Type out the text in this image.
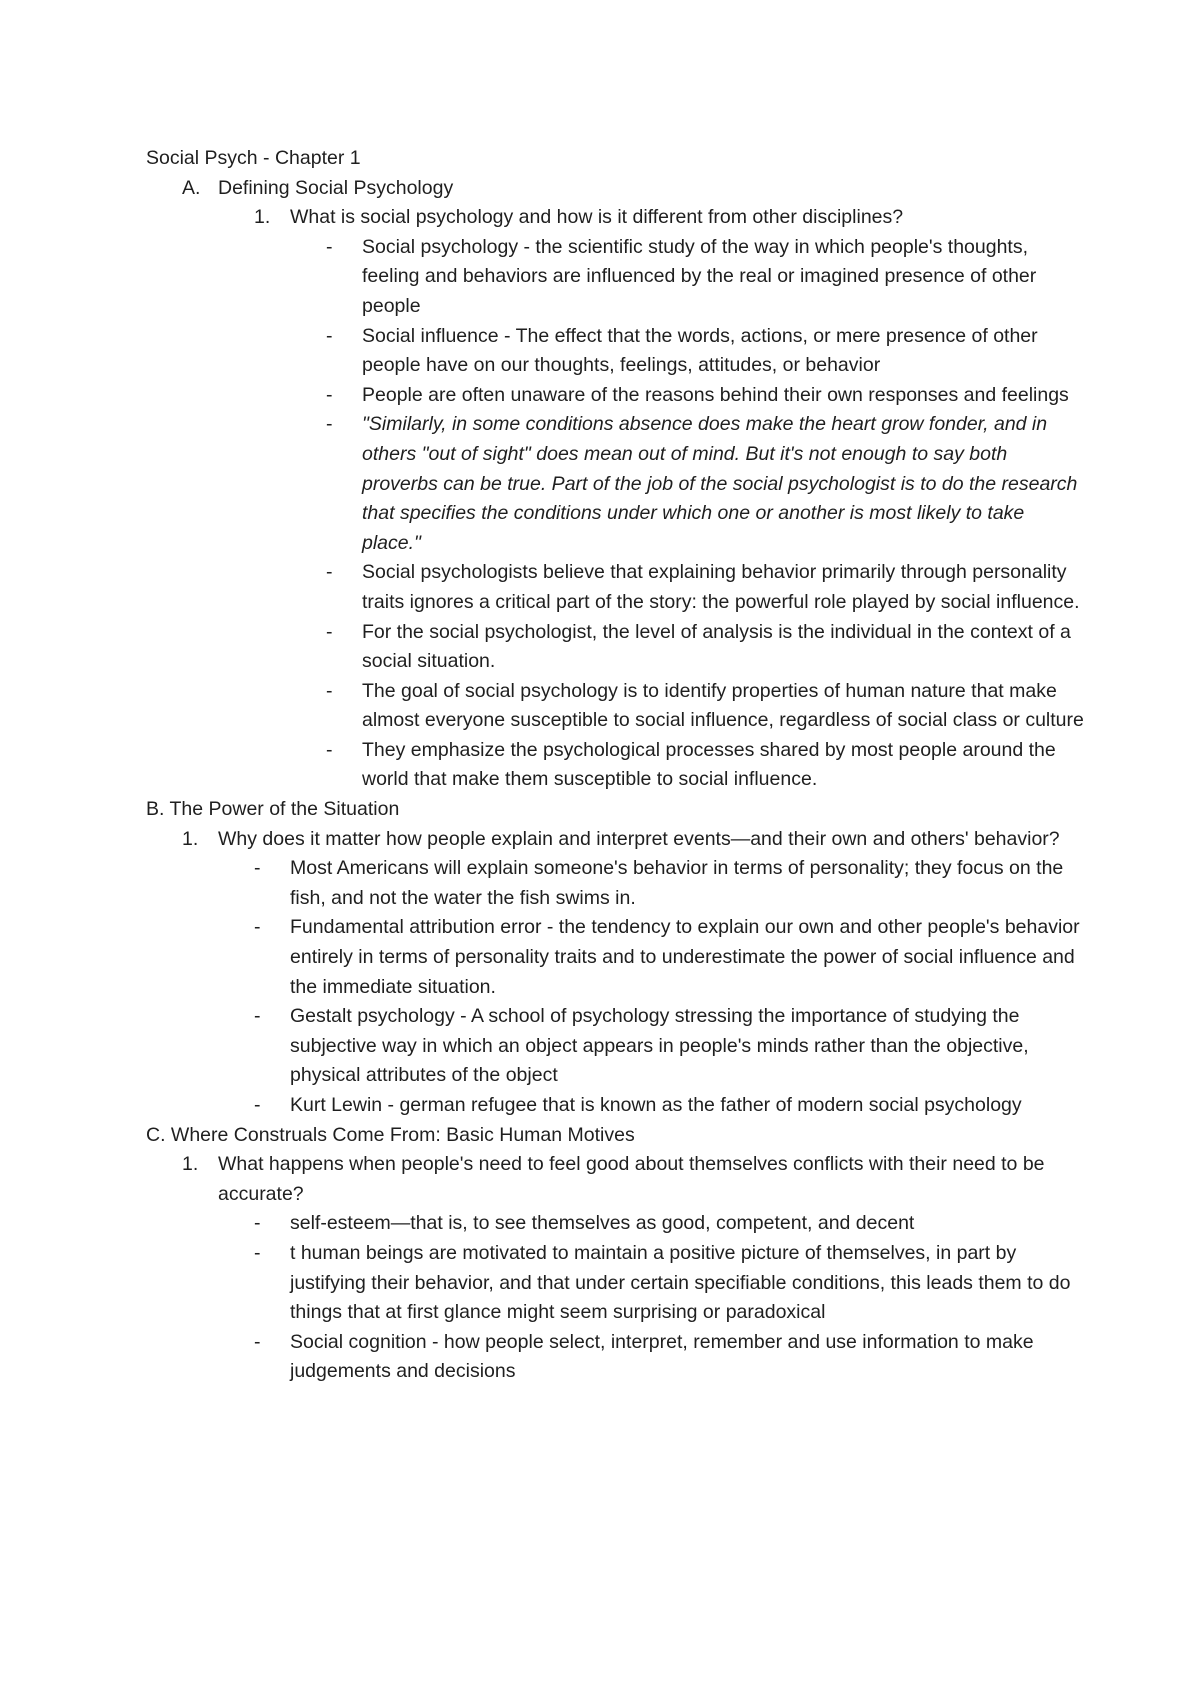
Social Psych - Chapter 1
A. Defining Social Psychology
1.	What is social psychology and how is it different from other disciplines?
-	Social psychology - the scientific study of the way in which people's thoughts, feeling and behaviors are influenced by the real or imagined presence of other people
-	Social influence - The effect that the words, actions, or mere presence of other people have on our thoughts, feelings, attitudes, or behavior
-	People are often unaware of the reasons behind their own responses and feelings
-	"Similarly, in some conditions absence does make the heart grow fonder, and in others "out of sight" does mean out of mind. But it's not enough to say both proverbs can be true. Part of the job of the social psychologist is to do the research that specifies the conditions under which one or another is most likely to take place."
-	Social psychologists believe that explaining behavior primarily through personality traits ignores a critical part of the story: the powerful role played by social influence.
-	For the social psychologist, the level of analysis is the individual in the context of a social situation.
-	The goal of social psychology is to identify properties of human nature that make almost everyone susceptible to social influence, regardless of social class or culture
-	They emphasize the psychological processes shared by most people around the world that make them susceptible to social influence.
B. The Power of the Situation
1.	Why does it matter how people explain and interpret events—and their own and others' behavior?
-	Most Americans will explain someone's behavior in terms of personality; they focus on the fish, and not the water the fish swims in.
-	Fundamental attribution error - the tendency to explain our own and other people's behavior entirely in terms of personality traits and to underestimate the power of social influence and the immediate situation.
-	Gestalt psychology - A school of psychology stressing the importance of studying the subjective way in which an object appears in people's minds rather than the objective, physical attributes of the object
-	Kurt Lewin - german refugee that is known as the father of modern social psychology
C. Where Construals Come From: Basic Human Motives
1.	What happens when people's need to feel good about themselves conflicts with their need to be accurate?
-	self-esteem—that is, to see themselves as good, competent, and decent
-	t human beings are motivated to maintain a positive picture of themselves, in part by justifying their behavior, and that under certain specifiable conditions, this leads them to do things that at first glance might seem surprising or paradoxical
-	Social cognition - how people select, interpret, remember and use information to make judgements and decisions
